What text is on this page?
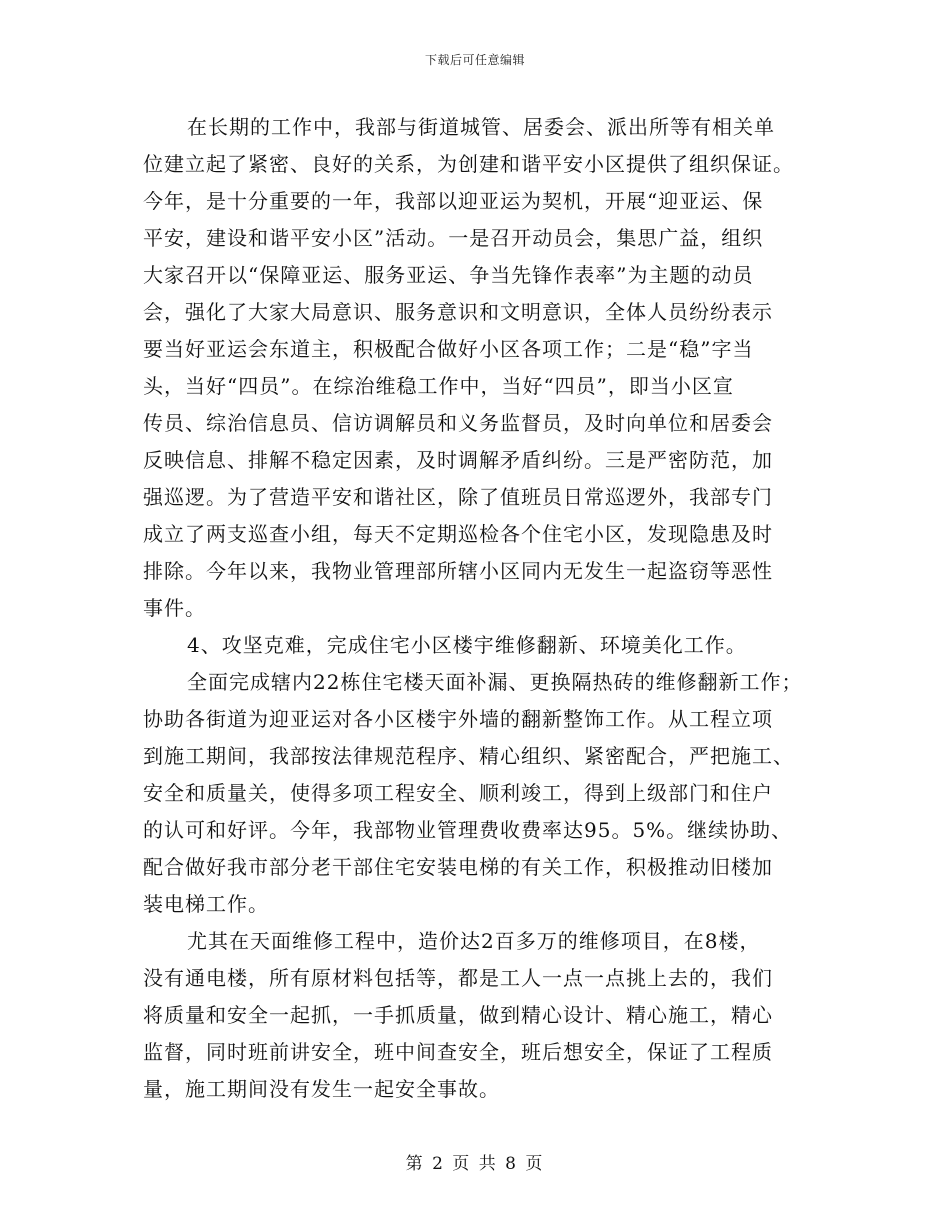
下载后可任意编辑
在长期的工作中，我部与街道城管、居委会、派出所等有相关单
位建立起了紧密、良好的关系，为创建和谐平安小区提供了组织保证。
今年，是十分重要的一年，我部以迎亚运为契机，开展“迎亚运、保
平安，建设和谐平安小区”活动。一是召开动员会，集思广益，组织
大家召开以“保障亚运、服务亚运、争当先锋作表率”为主题的动员
会，强化了大家大局意识、服务意识和文明意识，全体人员纷纷表示
要当好亚运会东道主，积极配合做好小区各项工作；二是“稳”字当
头，当好“四员”。在综治维稳工作中，当好“四员”，即当小区宣
传员、综治信息员、信访调解员和义务监督员，及时向单位和居委会
反映信息、排解不稳定因素，及时调解矛盾纠纷。三是严密防范，加
强巡逻。为了营造平安和谐社区，除了值班员日常巡逻外，我部专门
成立了两支巡查小组，每天不定期巡检各个住宅小区，发现隐患及时
排除。今年以来，我物业管理部所辖小区同内无发生一起盗窃等恶性
事件。
4、攻坚克难，完成住宅小区楼宇维修翻新、环境美化工作。
全面完成辖内22栋住宅楼天面补漏、更换隔热砖的维修翻新工作；
协助各街道为迎亚运对各小区楼宇外墙的翻新整饰工作。从工程立项
到施工期间，我部按法律规范程序、精心组织、紧密配合，严把施工、
安全和质量关，使得多项工程安全、顺利竣工，得到上级部门和住户
的认可和好评。今年，我部物业管理费收费率达95。5%。继续协助、
配合做好我市部分老干部住宅安装电梯的有关工作，积极推动旧楼加
装电梯工作。
尤其在天面维修工程中，造价达2百多万的维修项目，在8楼，
没有通电楼，所有原材料包括等，都是工人一点一点挑上去的，我们
将质量和安全一起抓，一手抓质量，做到精心设计、精心施工，精心
监督，同时班前讲安全，班中间查安全，班后想安全，保证了工程质
量，施工期间没有发生一起安全事故。
第 2 页 共 8 页
